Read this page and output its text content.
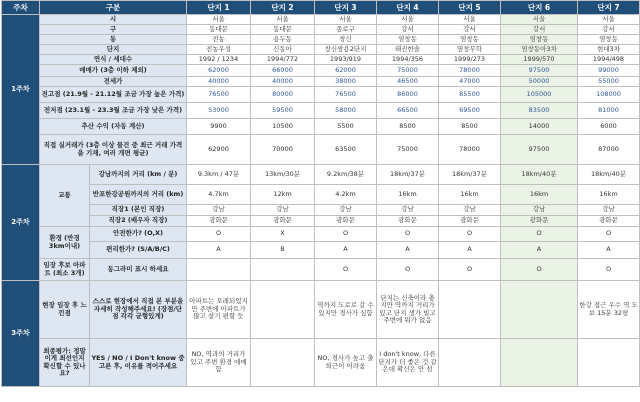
주차	구분		단지 1	단지 2	단지 3	단지 4	단지 5	단지 6	단지 7
1주차	시		서울	서울	서울	서울	서울	서울	서울
	구		동대문	동대문	종로구	강서	강서	강서	강서
	동		전농	용두동	창신	염창동	염창동	염창동	염창동
	단지		전농우성	신동아	창신쌍용2단지	태진한솔	염창무학	염창동아3차	현대3차
	연식 / 세대수		1992 / 1234	1994/772	1993/919	1994/356	1999/273	1999/570	1994/498
	매매가 (3층 이하 제외)		62000	66000	62000	75000	78000	97500	99000
	전세가		40000	40000	38000	46500	47000	50000	55000
	전고점 (21.9월 - 21.12월 조금 가장 높은 가격)		76500	80000	76500	86000	85500	105000	108000
	전저점 (23.1월 - 23.3월 조금 가장 낮은 가격)		53000	59500	58000	66500	69500	83500	81000
	추산 수익 (자동 계산)		9900	10500	5500	8500	8500	14000	6000
	직접 실거래가 (3층 이상 물건 중 최근 거래 가격을 기재, 여러 개면 평균)		62900	70000	63500	75000	78000	97500	87000
2주차	교통	강남까지의 거리 (km / 분)	9.3km / 47분	13km/30분	9.2km/38분	18km/37분	18km/37분	18km/40분	18km/40분
		반포한강공원까지의 거리 (km)	4.7km	12km	4.2km	16km	16km	16km	16km
		직장1 (본인 직장)	강남	강남	강남	강남	강남	강남	강남
		직장2 (배우자 직장)	광화문	광화문	광화문	광화문	광화문	광화문	광화문
	환경 (반경 3km이내)	안전한가? (O,X)	O	X	O	O	O	O	O
		편리한가? (S/A/B/C)	A	B	A	A	A	A	A
	임장 후보 아파트 (최소 3개)	동그라미 표시 하세요			O	O	O	O	O
3주차	현장 임장 후 느낀점	스스로 현장에서 직접 본 부분을 자세히 작성해주세요! (장점/단점 각각 균형있게)	아파트는 오래되었지만 주변에 아파트가 많고 살기 편할 듯		역까지 도로로 갈 수 있지만 경사가 심함	단지는 신축이라 충지만 역까지 거리가 있고 단지 생가 빌고 주변에 뭐가 없음			한강 접근 우수 역 도보 15분 32평
	최종평가: 정말 이게 최선인지 확신할 수 있나요?	YES / NO / I Don't know 중 고른 후, 이유를 적어주세요	NO, 역과의 거리가 있고 주변 환경 애매함		NO, 경사가 높고 출퇴근이 어려움	I don't know, 다른 단지가 더 좋은 것 같은데 확신은 안 섬			
